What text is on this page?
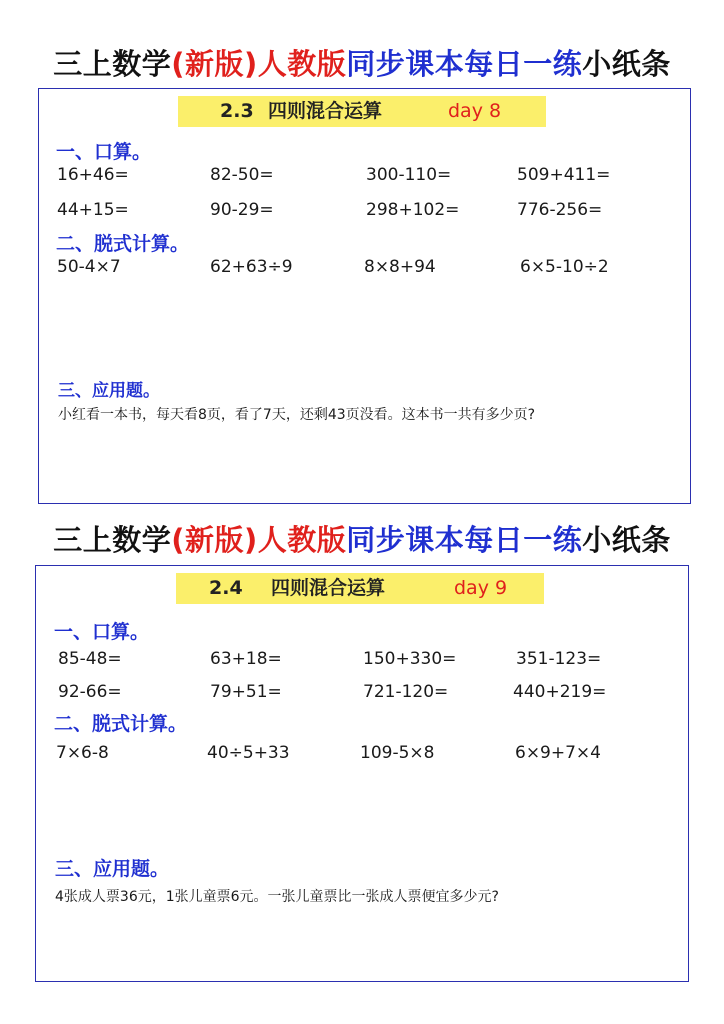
三上数学(新版)人教版同步课本每日一练小纸条
2.3 四则混合运算	day 8
一、口算。
16+46=	82-50=	300-110=	509+411=
44+15=	90-29=	298+102=	776-256=
二、脱式计算。
50-4×7	62+63÷9	8×8+94	6×5-10÷2
三、应用题。
小红看一本书，每天看8页，看了7天，还剩43页没看。这本书一共有多少页?
三上数学(新版)人教版同步课本每日一练小纸条
2.4 四则混合运算	day 9
一、口算。
85-48=	63+18=	150+330=	351-123=
92-66=	79+51=	721-120=	440+219=
二、脱式计算。
7×6-8	40÷5+33	109-5×8	6×9+7×4
三、应用题。
4张成人票36元，1张儿童票6元。一张儿童票比一张成人票便宜多少元?
